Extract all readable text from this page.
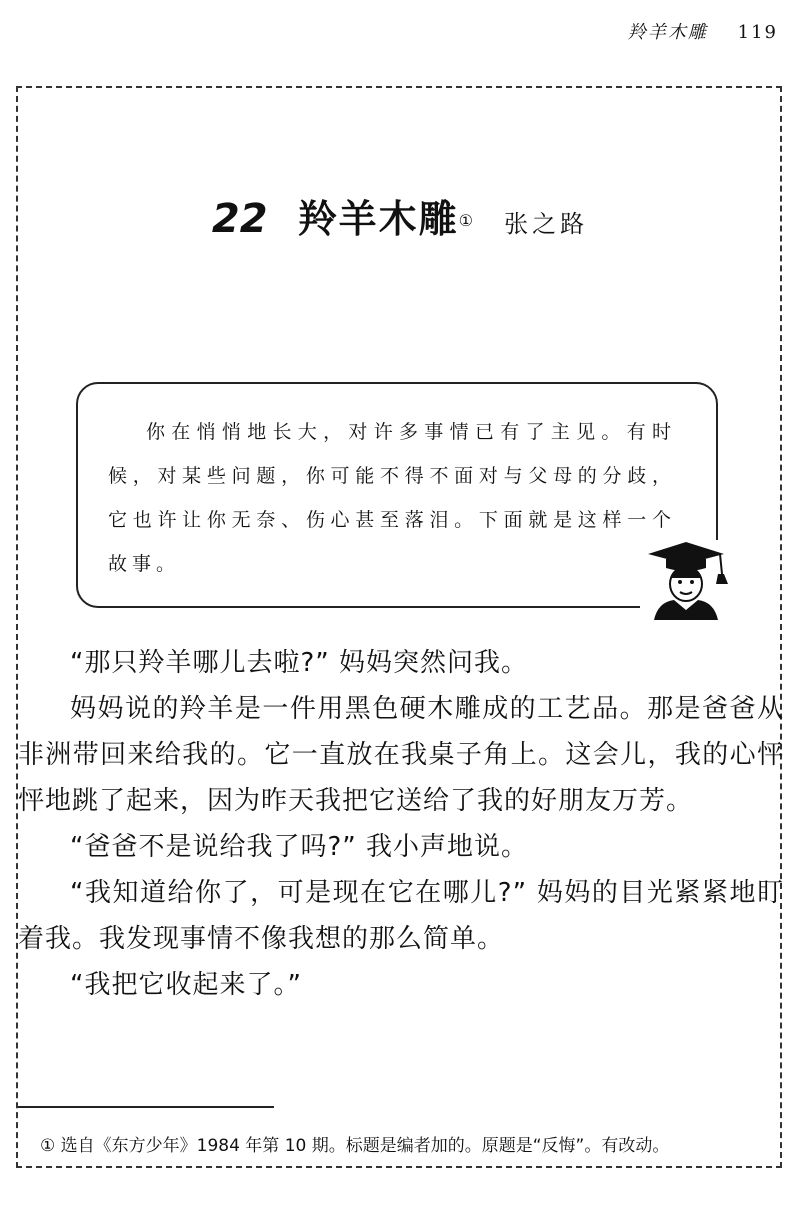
羚羊木雕 119
22 羚羊木雕① 张之路

你在悄悄地长大，对许多事情已有了主见。有时候，对某些问题，你可能不得不面对与父母的分歧，它也许让你无奈、伤心甚至落泪。下面就是这样一个故事。

“那只羚羊哪儿去啦?” 妈妈突然问我。

妈妈说的羚羊是一件用黑色硬木雕成的工艺品。那是爸爸从非洲带回来给我的。它一直放在我桌子角上。这会儿，我的心怦怦地跳了起来，因为昨天我把它送给了我的好朋友万芳。

“爸爸不是说给我了吗?” 我小声地说。

“我知道给你了，可是现在它在哪儿?” 妈妈的目光紧紧地盯着我。我发现事情不像我想的那么简单。

“我把它收起来了。”

① 选自《东方少年》1984 年第 10 期。标题是编者加的。原题是“反悔”。有改动。
